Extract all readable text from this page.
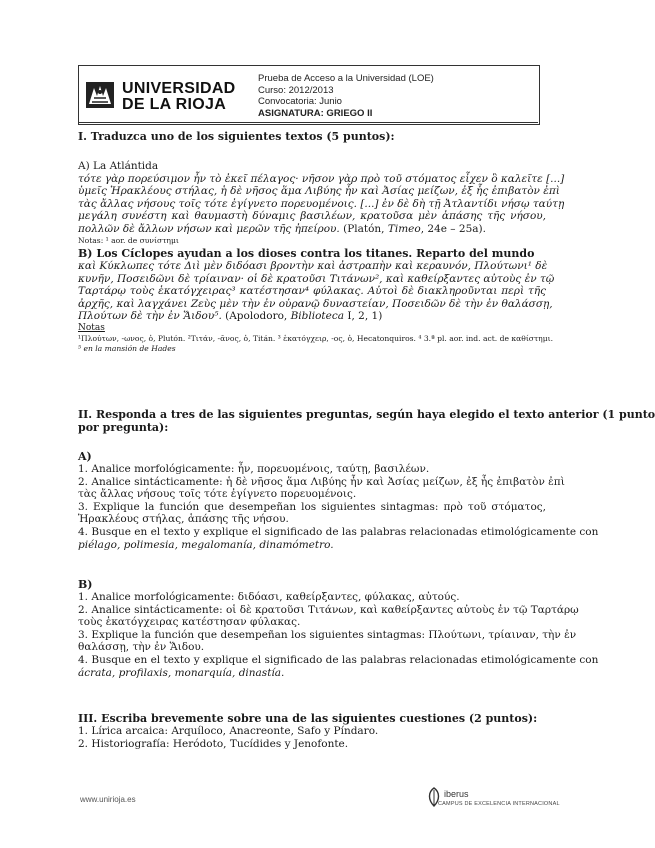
UNIVERSIDAD
DE LA RIOJA
Prueba de Acceso a la Universidad (LOE)
Curso: 2012/2013
Convocatoria: Junio
ASIGNATURA: GRIEGO II
I. Traduzca uno de los siguientes textos (5 puntos):
A) La Atlántida
τότε γὰρ πορεύσιμον ἦν τὸ ἐκεῖ πέλαγος· νῆσον γὰρ πρὸ τοῦ στόματος εἶχεν ὃ καλεῖτε [...]
ὑμεῖς Ἡρακλέους στήλας, ἡ δὲ νῆσος ἅμα Λιβύης ἦν καὶ Ἀσίας μείζων, ἐξ ἧς ἐπιβατὸν ἐπὶ
τὰς ἄλλας νήσους τοῖς τότε ἐγίγνετο πορευομένοις. [...] ἐν δὲ δὴ τῇ Ἀτλαντίδι νήσῳ ταύτῃ
μεγάλη συνέστη καὶ θαυμαστὴ δύναμις βασιλέων, κρατοῦσα μὲν ἁπάσης τῆς νήσου,
πολλῶν δὲ ἄλλων νήσων καὶ μερῶν τῆς ἠπείρου. (Platón, Timeo, 24e – 25a).
Notas: ¹ aor. de συνίστημι
B) Los Cíclopes ayudan a los dioses contra los titanes. Reparto del mundo
καὶ Κύκλωπες τότε Διὶ μὲν διδόασι βροντὴν καὶ ἀστραπὴν καὶ κεραυνόν, Πλούτωνι¹ δὲ
κυνῆν, Ποσειδῶνι δὲ τρίαιναν· οἱ δὲ κρατοῦσι Τιτάνων², καὶ καθείρξαντες αὐτοὺς ἐν τῷ
Ταρτάρῳ τοὺς ἑκατόγχειρας³ κατέστησαν⁴ φύλακας. Αὐτοὶ δὲ διακληροῦνται περὶ τῆς
ἀρχῆς, καὶ λαγχάνει Ζεὺς μὲν τὴν ἐν οὐρανῷ δυναστείαν, Ποσειδῶν δὲ τὴν ἐν θαλάσσῃ,
Πλούτων δὲ τὴν ἐν Ἅιδου⁵. (Apolodoro, Biblioteca I, 2, 1)
Notas
¹Πλούτων, -ωνος, ὁ, Plutón. ²Τιτάν, -ᾶνος, ὁ, Titán. ³ ἑκατόγχειρ, -ος, ὁ, Hecatonquiros. ⁴ 3.ª pl. aor. ind. act. de καθίστημι.
⁵ en la mansión de Hades
II. Responda a tres de las siguientes preguntas, según haya elegido el texto anterior (1 punto
por pregunta):
A)
1. Analice morfológicamente: ἦν, πορευομένοις, ταύτῃ, βασιλέων.
2. Analice sintácticamente: ἡ δὲ νῆσος ἅμα Λιβύης ἦν καὶ Ἀσίας μείζων, ἐξ ἧς ἐπιβατὸν ἐπὶ
τὰς ἄλλας νήσους τοῖς τότε ἐγίγνετο πορευομένοις.
3. Explique la función que desempeñan los siguientes sintagmas: πρὸ τοῦ στόματος,
Ἡρακλέους στήλας, ἁπάσης τῆς νήσου.
4. Busque en el texto y explique el significado de las palabras relacionadas etimológicamente con
piélago, polimesia, megalomanía, dinamómetro.
B)
1. Analice morfológicamente: διδόασι, καθείρξαντες, φύλακας, αὐτούς.
2. Analice sintácticamente: οἱ δὲ κρατοῦσι Τιτάνων, καὶ καθείρξαντες αὐτοὺς ἐν τῷ Ταρτάρῳ
τοὺς ἑκατόγχειρας κατέστησαν φύλακας.
3. Explique la función que desempeñan los siguientes sintagmas: Πλούτωνι, τρίαιναν, τὴν ἐν
θαλάσσῃ, τὴν ἐν Ἅιδου.
4. Busque en el texto y explique el significado de las palabras relacionadas etimológicamente con
ácrata, profilaxis, monarquía, dinastía.
III. Escriba brevemente sobre una de las siguientes cuestiones (2 puntos):
1. Lírica arcaica: Arquíloco, Anacreonte, Safo y Píndaro.
2. Historiografía: Heródoto, Tucídides y Jenofonte.
www.unirioja.es
iberus
CAMPUS DE EXCELENCIA INTERNACIONAL
